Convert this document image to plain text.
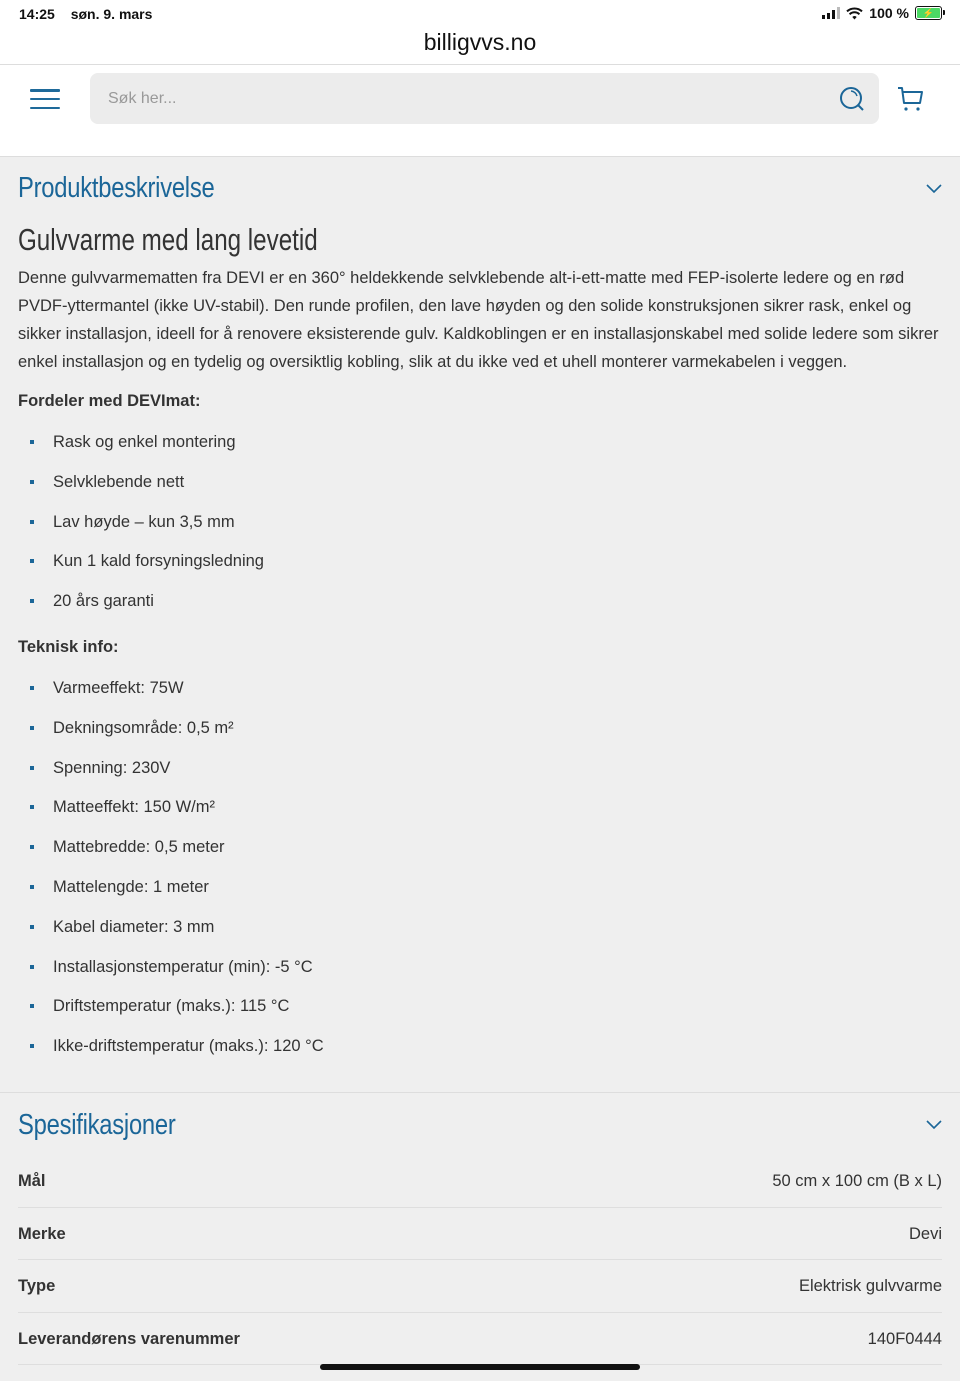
14:25 søn. 9. mars	100 %	⚡
billigvvs.no
Søk her...
Produktbeskrivelse
Gulvvarme med lang levetid

Denne gulvvarmematten fra DEVI er en 360° heldekkende selvklebende alt-i-ett-matte med FEP-isolerte ledere og en rød PVDF-yttermantel (ikke UV-stabil). Den runde profilen, den lave høyden og den solide konstruksjonen sikrer rask, enkel og sikker installasjon, ideell for å renovere eksisterende gulv. Kaldkoblingen er en installasjonskabel med solide ledere som sikrer enkel installasjon og en tydelig og oversiktlig kobling, slik at du ikke ved et uhell monterer varmekabelen i veggen.

Fordeler med DEVImat:
Rask og enkel montering
Selvklebende nett
Lav høyde – kun 3,5 mm
Kun 1 kald forsyningsledning
20 års garanti
Teknisk info:
Varmeeffekt: 75W
Dekningsområde: 0,5 m²
Spenning: 230V
Matteeffekt: 150 W/m²
Mattebredde: 0,5 meter
Mattelengde: 1 meter
Kabel diameter: 3 mm
Installasjonstemperatur (min): -5 °C
Driftstemperatur (maks.): 115 °C
Ikke-driftstemperatur (maks.): 120 °C
Spesifikasjoner
Mål	50 cm x 100 cm (B x L)
Merke	Devi
Type	Elektrisk gulvvarme
Leverandørens varenummer	140F0444
